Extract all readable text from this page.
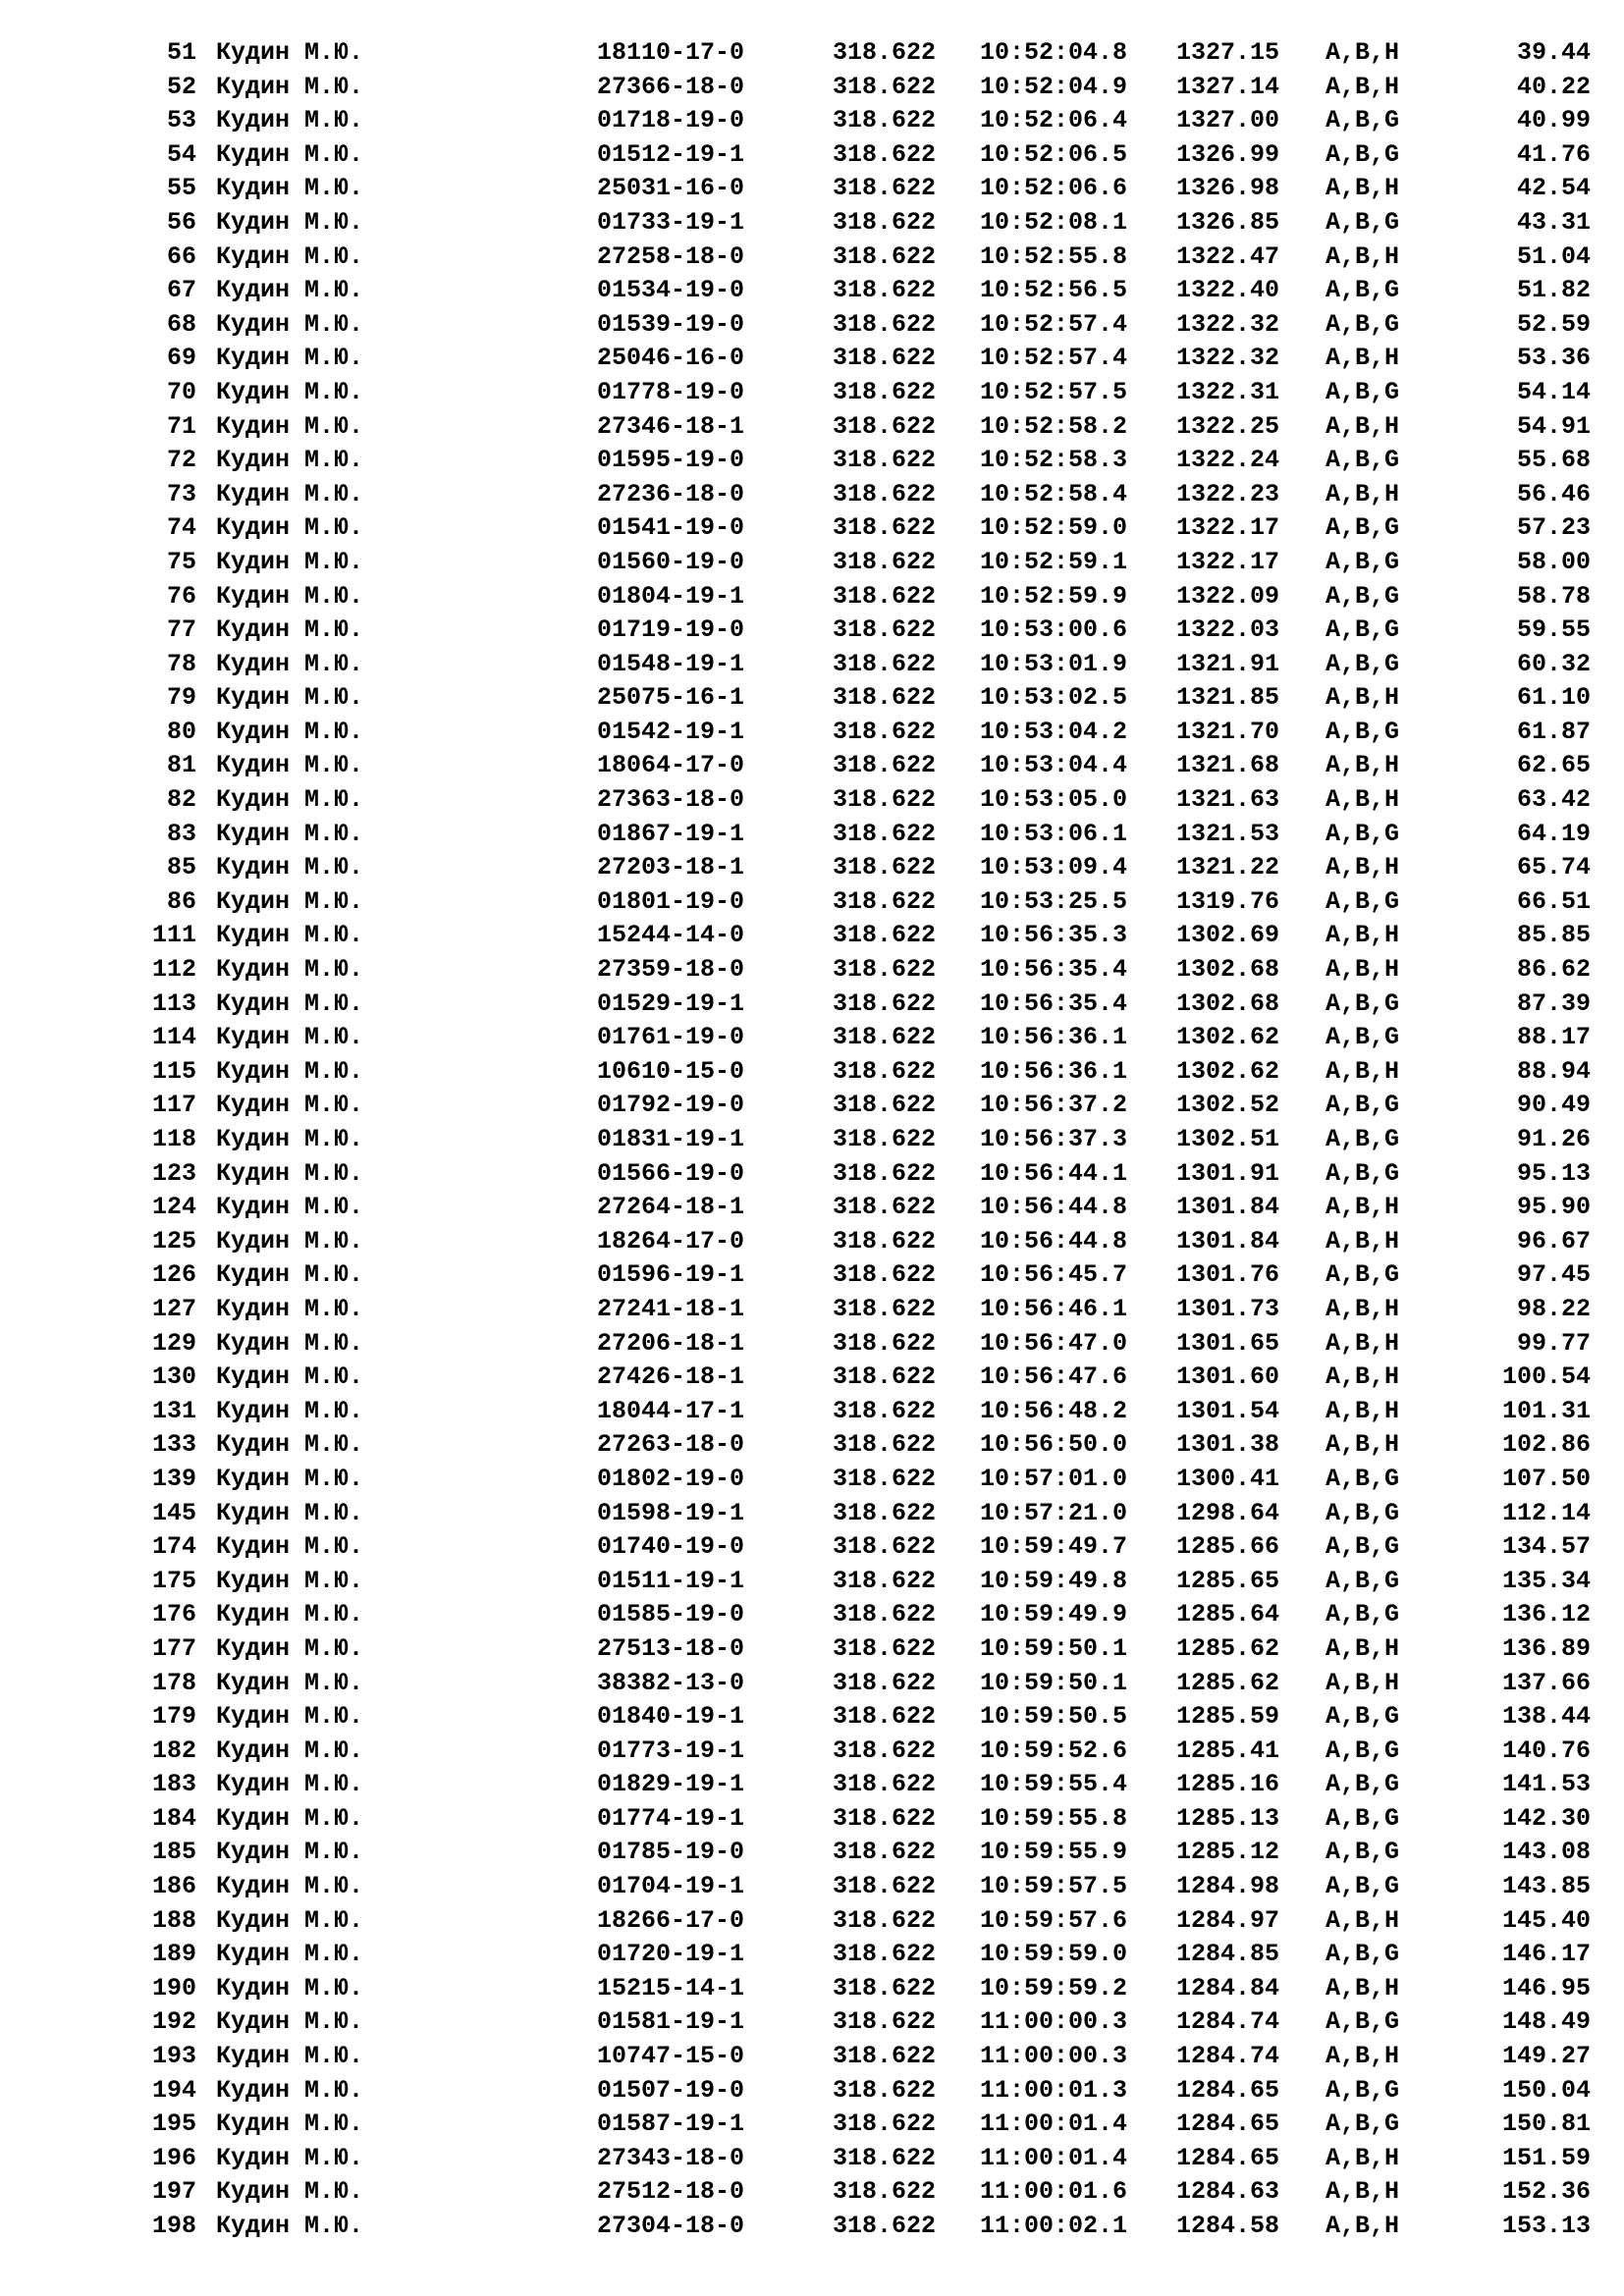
51 Кудин М.Ю.	18110-17-0	318.622 10:52:04.8 1327.15 A,B,H	39.44
52 Кудин М.Ю.	27366-18-0	318.622 10:52:04.9 1327.14 A,B,H	40.22
53 Кудин М.Ю.	01718-19-0	318.622 10:52:06.4 1327.00 A,B,G	40.99
54 Кудин М.Ю.	01512-19-1	318.622 10:52:06.5 1326.99 A,B,G	41.76
55 Кудин М.Ю.	25031-16-0	318.622 10:52:06.6 1326.98 A,B,H	42.54
56 Кудин М.Ю.	01733-19-1	318.622 10:52:08.1 1326.85 A,B,G	43.31
66 Кудин М.Ю.	27258-18-0	318.622 10:52:55.8 1322.47 A,B,H	51.04
67 Кудин М.Ю.	01534-19-0	318.622 10:52:56.5 1322.40 A,B,G	51.82
68 Кудин М.Ю.	01539-19-0	318.622 10:52:57.4 1322.32 A,B,G	52.59
69 Кудин М.Ю.	25046-16-0	318.622 10:52:57.4 1322.32 A,B,H	53.36
70 Кудин М.Ю.	01778-19-0	318.622 10:52:57.5 1322.31 A,B,G	54.14
71 Кудин М.Ю.	27346-18-1	318.622 10:52:58.2 1322.25 A,B,H	54.91
72 Кудин М.Ю.	01595-19-0	318.622 10:52:58.3 1322.24 A,B,G	55.68
73 Кудин М.Ю.	27236-18-0	318.622 10:52:58.4 1322.23 A,B,H	56.46
74 Кудин М.Ю.	01541-19-0	318.622 10:52:59.0 1322.17 A,B,G	57.23
75 Кудин М.Ю.	01560-19-0	318.622 10:52:59.1 1322.17 A,B,G	58.00
76 Кудин М.Ю.	01804-19-1	318.622 10:52:59.9 1322.09 A,B,G	58.78
77 Кудин М.Ю.	01719-19-0	318.622 10:53:00.6 1322.03 A,B,G	59.55
78 Кудин М.Ю.	01548-19-1	318.622 10:53:01.9 1321.91 A,B,G	60.32
79 Кудин М.Ю.	25075-16-1	318.622 10:53:02.5 1321.85 A,B,H	61.10
80 Кудин М.Ю.	01542-19-1	318.622 10:53:04.2 1321.70 A,B,G	61.87
81 Кудин М.Ю.	18064-17-0	318.622 10:53:04.4 1321.68 A,B,H	62.65
82 Кудин М.Ю.	27363-18-0	318.622 10:53:05.0 1321.63 A,B,H	63.42
83 Кудин М.Ю.	01867-19-1	318.622 10:53:06.1 1321.53 A,B,G	64.19
85 Кудин М.Ю.	27203-18-1	318.622 10:53:09.4 1321.22 A,B,H	65.74
86 Кудин М.Ю.	01801-19-0	318.622 10:53:25.5 1319.76 A,B,G	66.51
111 Кудин М.Ю.	15244-14-0	318.622 10:56:35.3 1302.69 A,B,H	85.85
112 Кудин М.Ю.	27359-18-0	318.622 10:56:35.4 1302.68 A,B,H	86.62
113 Кудин М.Ю.	01529-19-1	318.622 10:56:35.4 1302.68 A,B,G	87.39
114 Кудин М.Ю.	01761-19-0	318.622 10:56:36.1 1302.62 A,B,G	88.17
115 Кудин М.Ю.	10610-15-0	318.622 10:56:36.1 1302.62 A,B,H	88.94
117 Кудин М.Ю.	01792-19-0	318.622 10:56:37.2 1302.52 A,B,G	90.49
118 Кудин М.Ю.	01831-19-1	318.622 10:56:37.3 1302.51 A,B,G	91.26
123 Кудин М.Ю.	01566-19-0	318.622 10:56:44.1 1301.91 A,B,G	95.13
124 Кудин М.Ю.	27264-18-1	318.622 10:56:44.8 1301.84 A,B,H	95.90
125 Кудин М.Ю.	18264-17-0	318.622 10:56:44.8 1301.84 A,B,H	96.67
126 Кудин М.Ю.	01596-19-1	318.622 10:56:45.7 1301.76 A,B,G	97.45
127 Кудин М.Ю.	27241-18-1	318.622 10:56:46.1 1301.73 A,B,H	98.22
129 Кудин М.Ю.	27206-18-1	318.622 10:56:47.0 1301.65 A,B,H	99.77
130 Кудин М.Ю.	27426-18-1	318.622 10:56:47.6 1301.60 A,B,H	100.54
131 Кудин М.Ю.	18044-17-1	318.622 10:56:48.2 1301.54 A,B,H	101.31
133 Кудин М.Ю.	27263-18-0	318.622 10:56:50.0 1301.38 A,B,H	102.86
139 Кудин М.Ю.	01802-19-0	318.622 10:57:01.0 1300.41 A,B,G	107.50
145 Кудин М.Ю.	01598-19-1	318.622 10:57:21.0 1298.64 A,B,G	112.14
174 Кудин М.Ю.	01740-19-0	318.622 10:59:49.7 1285.66 A,B,G	134.57
175 Кудин М.Ю.	01511-19-1	318.622 10:59:49.8 1285.65 A,B,G	135.34
176 Кудин М.Ю.	01585-19-0	318.622 10:59:49.9 1285.64 A,B,G	136.12
177 Кудин М.Ю.	27513-18-0	318.622 10:59:50.1 1285.62 A,B,H	136.89
178 Кудин М.Ю.	38382-13-0	318.622 10:59:50.1 1285.62 A,B,H	137.66
179 Кудин М.Ю.	01840-19-1	318.622 10:59:50.5 1285.59 A,B,G	138.44
182 Кудин М.Ю.	01773-19-1	318.622 10:59:52.6 1285.41 A,B,G	140.76
183 Кудин М.Ю.	01829-19-1	318.622 10:59:55.4 1285.16 A,B,G	141.53
184 Кудин М.Ю.	01774-19-1	318.622 10:59:55.8 1285.13 A,B,G	142.30
185 Кудин М.Ю.	01785-19-0	318.622 10:59:55.9 1285.12 A,B,G	143.08
186 Кудин М.Ю.	01704-19-1	318.622 10:59:57.5 1284.98 A,B,G	143.85
188 Кудин М.Ю.	18266-17-0	318.622 10:59:57.6 1284.97 A,B,H	145.40
189 Кудин М.Ю.	01720-19-1	318.622 10:59:59.0 1284.85 A,B,G	146.17
190 Кудин М.Ю.	15215-14-1	318.622 10:59:59.2 1284.84 A,B,H	146.95
192 Кудин М.Ю.	01581-19-1	318.622 11:00:00.3 1284.74 A,B,G	148.49
193 Кудин М.Ю.	10747-15-0	318.622 11:00:00.3 1284.74 A,B,H	149.27
194 Кудин М.Ю.	01507-19-0	318.622 11:00:01.3 1284.65 A,B,G	150.04
195 Кудин М.Ю.	01587-19-1	318.622 11:00:01.4 1284.65 A,B,G	150.81
196 Кудин М.Ю.	27343-18-0	318.622 11:00:01.4 1284.65 A,B,H	151.59
197 Кудин М.Ю.	27512-18-0	318.622 11:00:01.6 1284.63 A,B,H	152.36
198 Кудин М.Ю.	27304-18-0	318.622 11:00:02.1 1284.58 A,B,H	153.13
